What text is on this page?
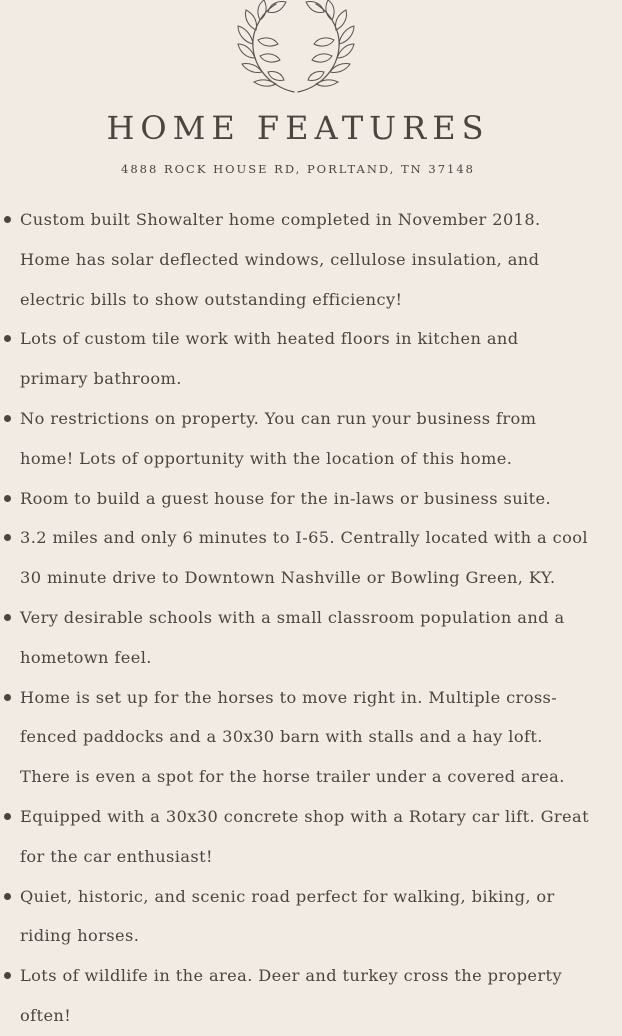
HOME FEATURES
4888 ROCK HOUSE RD, PORLTAND, TN 37148
Custom built Showalter home completed in November 2018.
Home has solar deflected windows, cellulose insulation, and
electric bills to show outstanding efficiency!
Lots of custom tile work with heated floors in kitchen and
primary bathroom.
No restrictions on property. You can run your business from
home! Lots of opportunity with the location of this home.
Room to build a guest house for the in-laws or business suite.
3.2 miles and only 6 minutes to I-65. Centrally located with a cool
30 minute drive to Downtown Nashville or Bowling Green, KY.
Very desirable schools with a small classroom population and a
hometown feel.
Home is set up for the horses to move right in. Multiple cross-
fenced paddocks and a 30x30 barn with stalls and a hay loft.
There is even a spot for the horse trailer under a covered area.
Equipped with a 30x30 concrete shop with a Rotary car lift. Great
for the car enthusiast!
Quiet, historic, and scenic road perfect for walking, biking, or
riding horses.
Lots of wildlife in the area. Deer and turkey cross the property
often!
